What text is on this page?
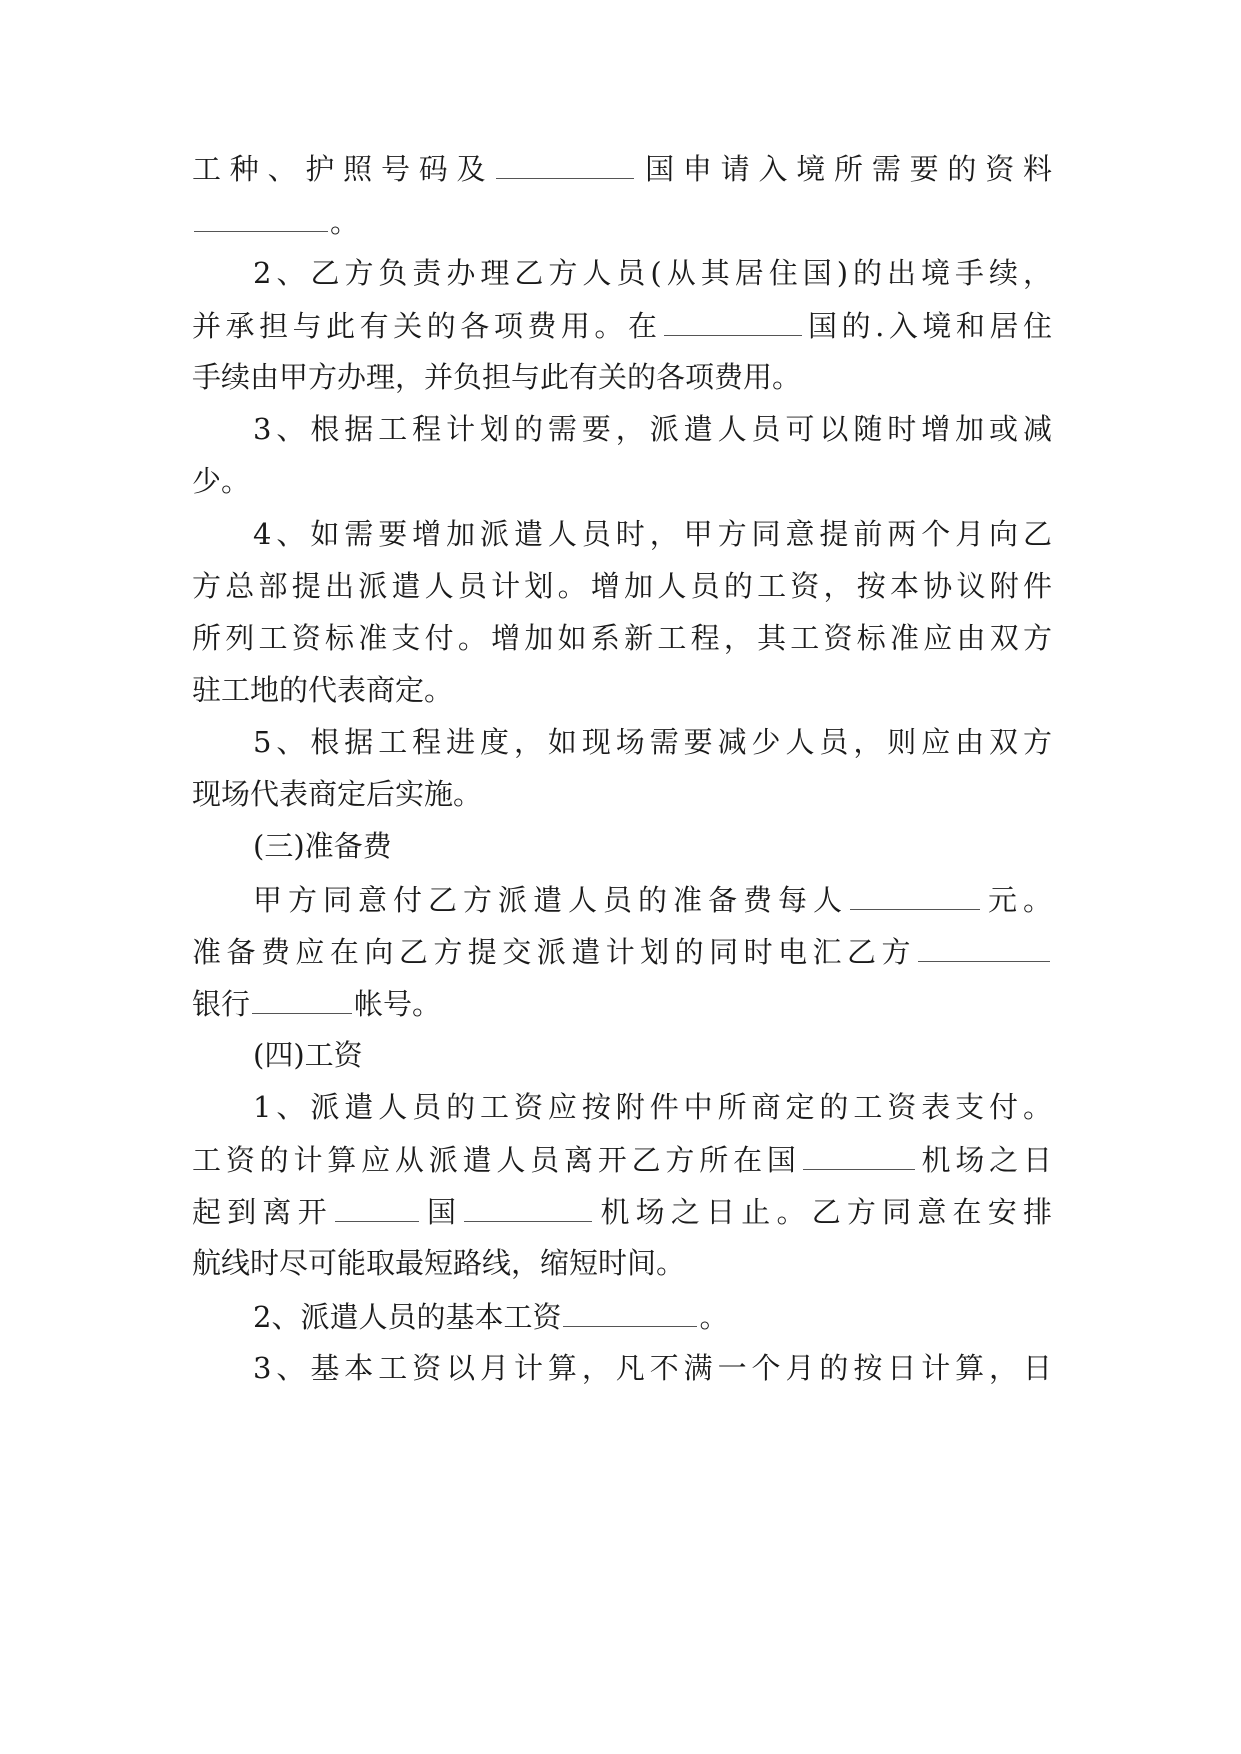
工种、护照号码及	国申请入境所需要的资料
。
2、乙方负责办理乙方人员(从其居住国)的出境手续，
并承担与此有关的各项费用。在	国的.入境和居住
手续由甲方办理，并负担与此有关的各项费用。
3、根据工程计划的需要，派遣人员可以随时增加或减
少。
4、如需要增加派遣人员时，甲方同意提前两个月向乙
方总部提出派遣人员计划。增加人员的工资，按本协议附件
所列工资标准支付。增加如系新工程，其工资标准应由双方
驻工地的代表商定。
5、根据工程进度，如现场需要减少人员，则应由双方
现场代表商定后实施。
(三)准备费
甲方同意付乙方派遣人员的准备费每人	元。
准备费应在向乙方提交派遣计划的同时电汇乙方
银行	帐号。
(四)工资
1、派遣人员的工资应按附件中所商定的工资表支付。
工资的计算应从派遣人员离开乙方所在国	机场之日
起到离开	国	机场之日止。乙方同意在安排
航线时尽可能取最短路线，缩短时间。
2、派遣人员的基本工资	。
3、基本工资以月计算，凡不满一个月的按日计算，日
